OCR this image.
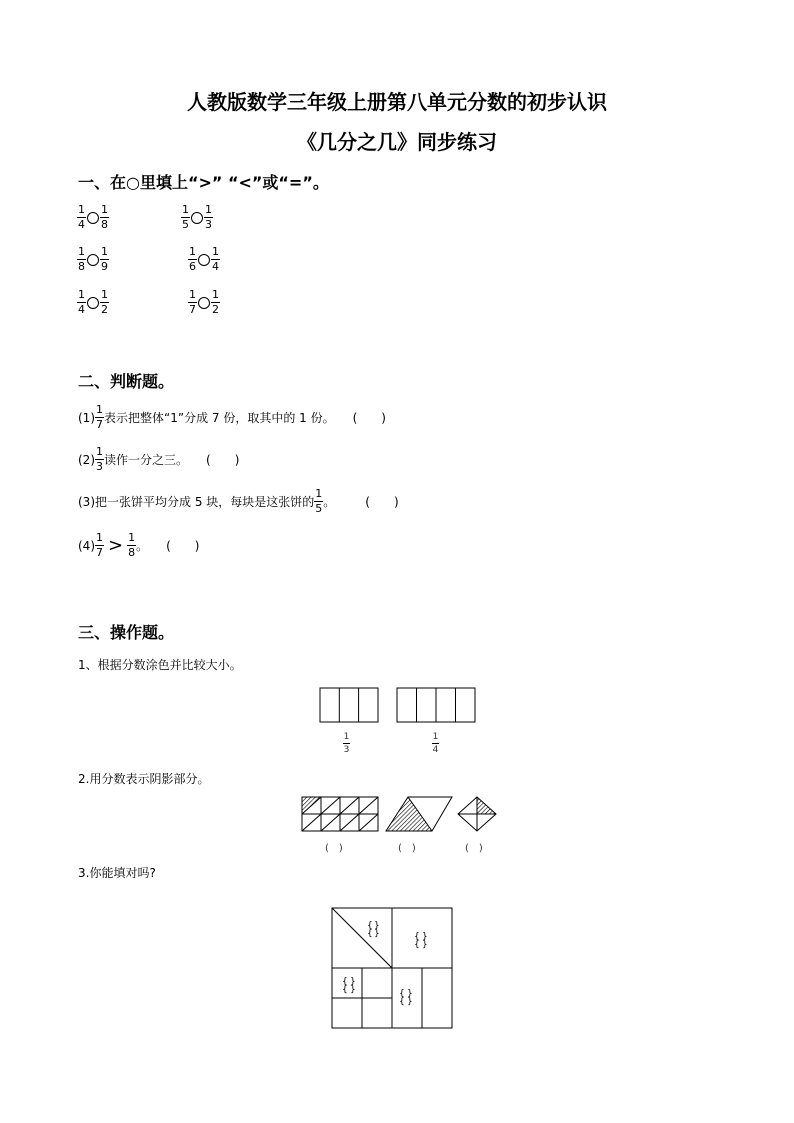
人教版数学三年级上册第八单元分数的初步认识
《几分之几》同步练习
一、在○里填上“>” “<”或“=”。
$\frac{1}{4} \frac{1}{8}$	$\frac{1}{5} \frac{1}{3}$
$\frac{1}{8} \frac{1}{9}$	$\frac{1}{6} \frac{1}{4}$
$\frac{1}{4} \frac{1}{2}$	$\frac{1}{7} \frac{1}{2}$
二、判断题。
$(1) \frac{1}{7}$ 表示把整体“1”分成 7 份，取其中的 1 份。 (　　)
$(2) \frac{1}{3}$ 读作一分之三。 (　　)
(3) 把一张饼平均分成 5 块，每块是这张饼的 $\frac{1}{5}$ 。	(　　)
$(4) \frac{1}{7} > \frac{1}{8}$ 。 (　　)
三、操作题。
1、根据分数涂色并比较大小。
1
3
1
4
2.用分数表示阴影部分。
(　)	(　)	(　)
3.你能填对吗?
{ }
{ }	{ }
{ }
{ }
{ }	{ }
{ }
